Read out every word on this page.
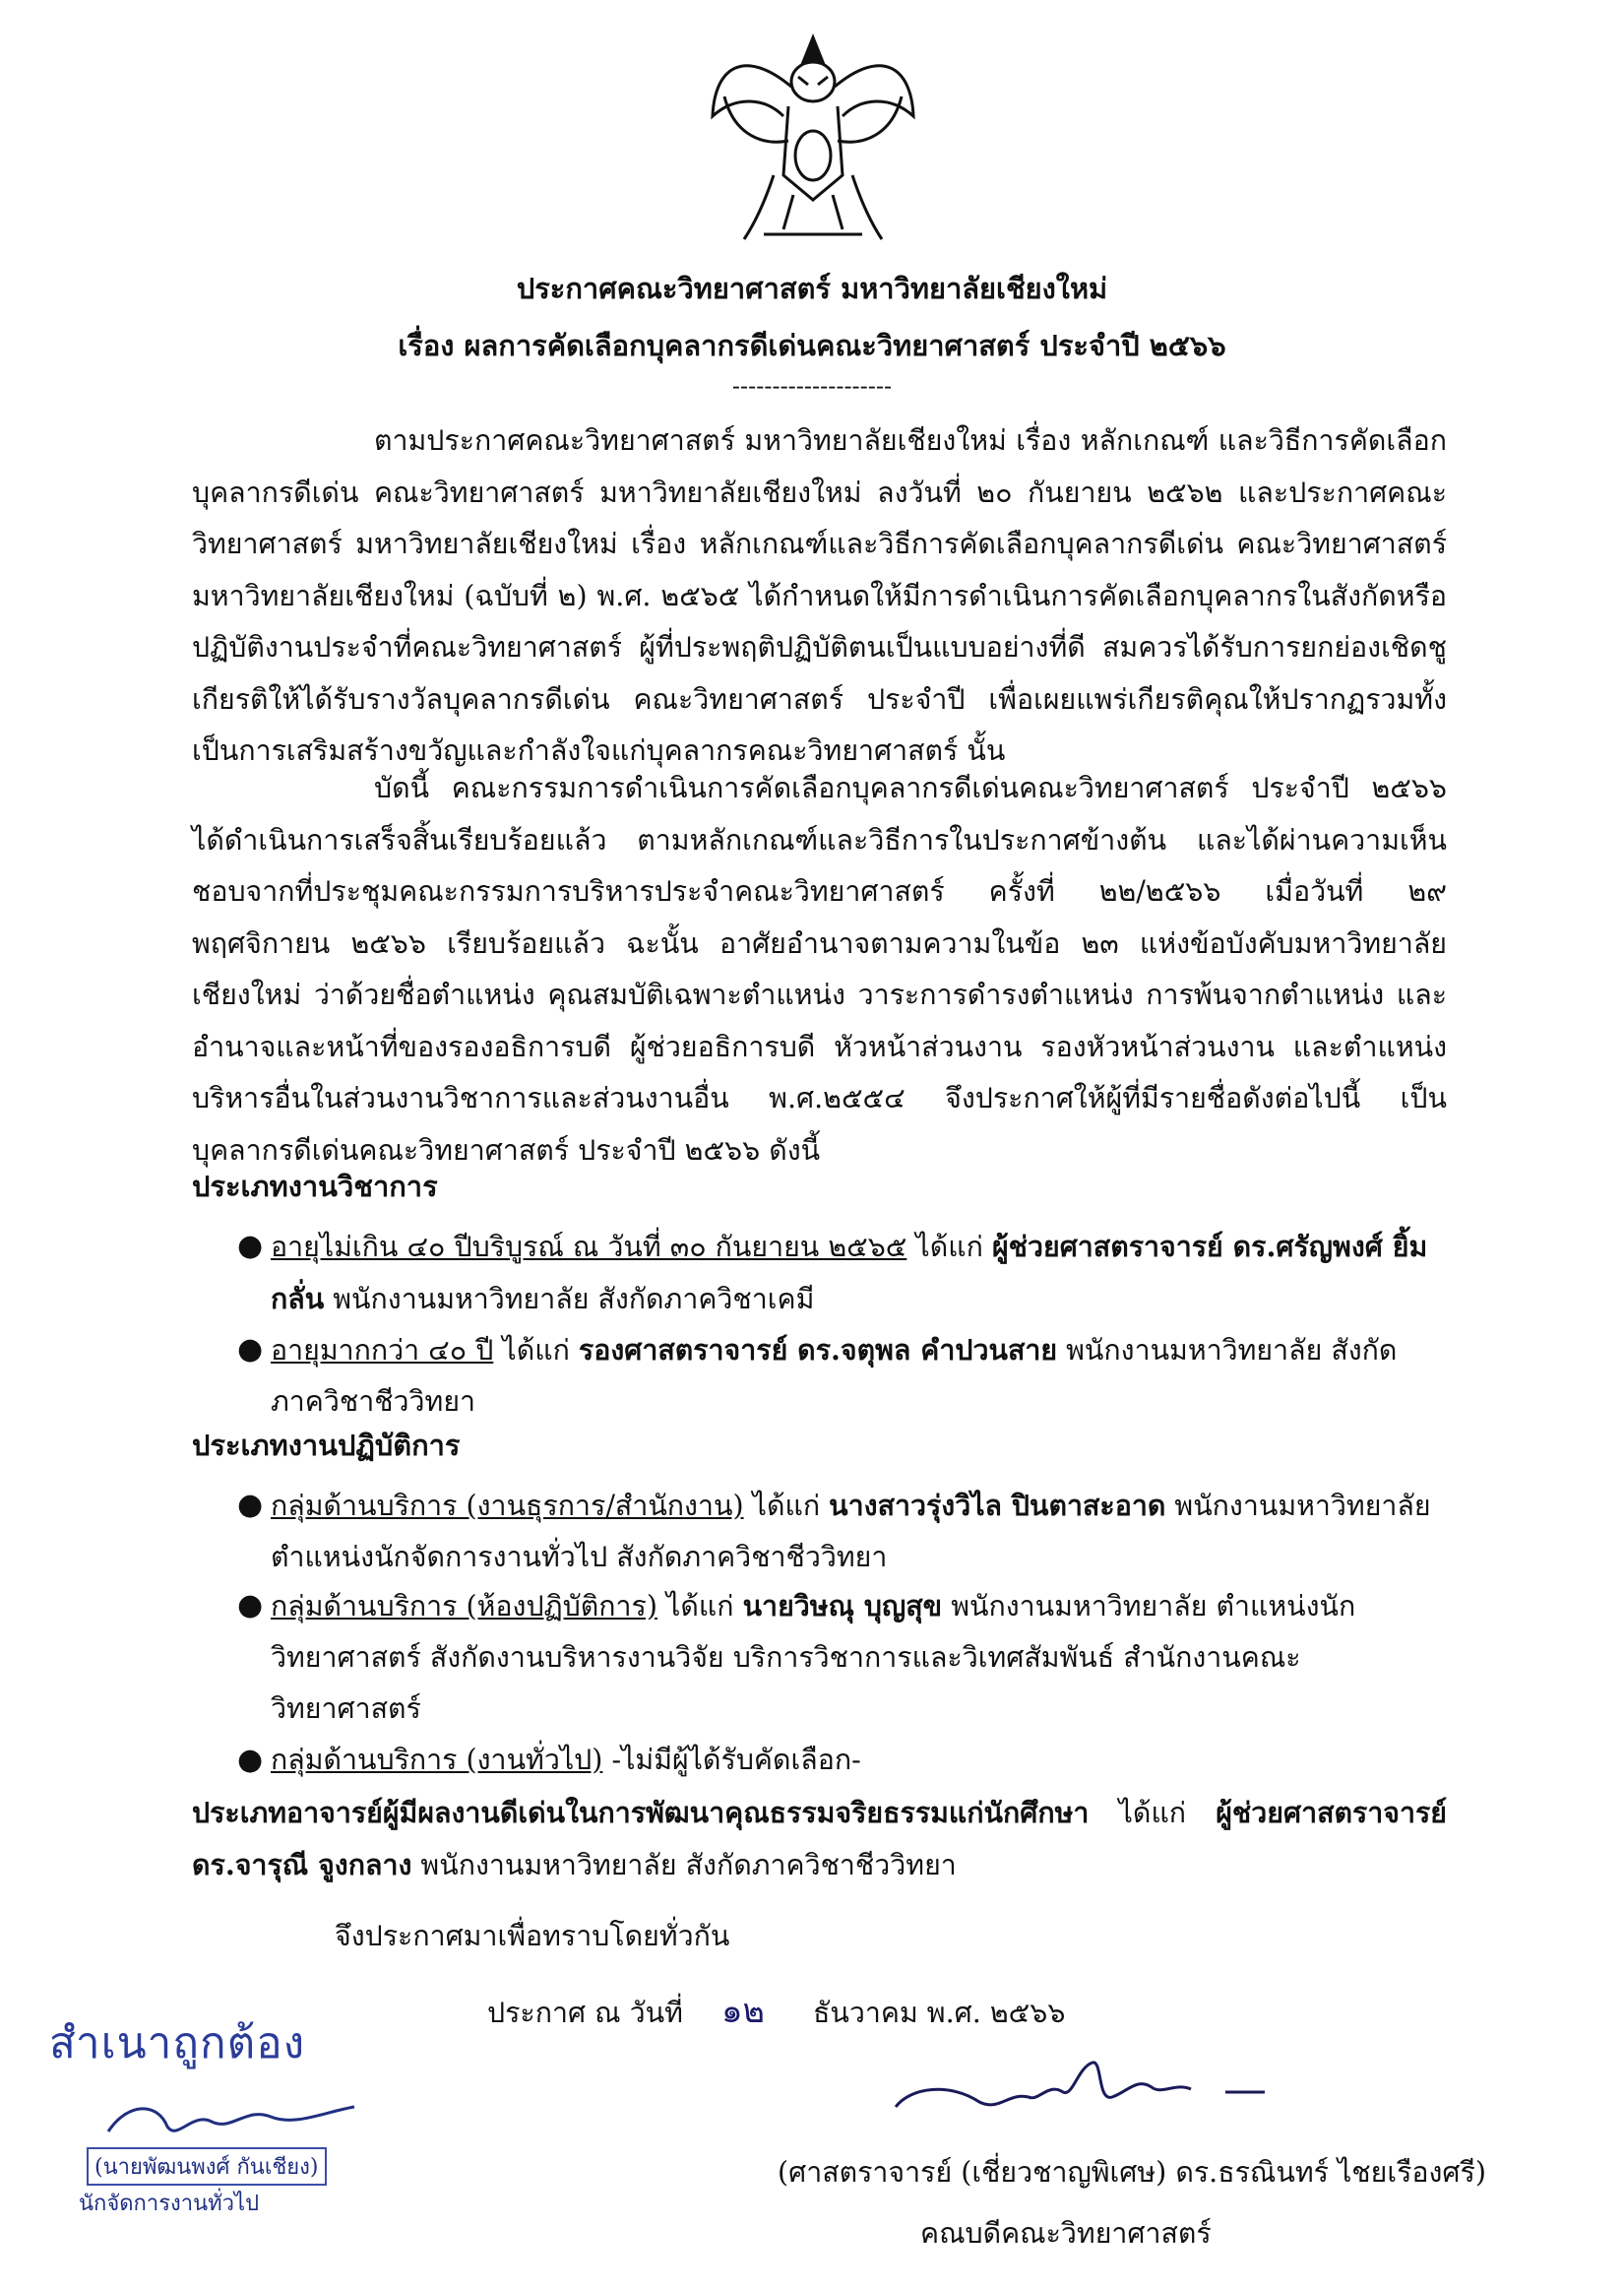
ประกาศคณะวิทยาศาสตร์ มหาวิทยาลัยเชียงใหม่
เรื่อง ผลการคัดเลือกบุคลากรดีเด่นคณะวิทยาศาสตร์ ประจำปี ๒๕๖๖
--------------------
ตามประกาศคณะวิทยาศาสตร์ มหาวิทยาลัยเชียงใหม่ เรื่อง หลักเกณฑ์ และวิธีการคัดเลือกบุคลากรดีเด่น คณะวิทยาศาสตร์ มหาวิทยาลัยเชียงใหม่ ลงวันที่ ๒๐ กันยายน ๒๕๖๒ และประกาศคณะวิทยาศาสตร์ มหาวิทยาลัยเชียงใหม่ เรื่อง หลักเกณฑ์และวิธีการคัดเลือกบุคลากรดีเด่น คณะวิทยาศาสตร์ มหาวิทยาลัยเชียงใหม่ (ฉบับที่ ๒) พ.ศ. ๒๕๖๕ ได้กำหนดให้มีการดำเนินการคัดเลือกบุคลากรในสังกัดหรือปฏิบัติงานประจำที่คณะวิทยาศาสตร์ ผู้ที่ประพฤติปฏิบัติตนเป็นแบบอย่างที่ดี สมควรได้รับการยกย่องเชิดชูเกียรติให้ได้รับรางวัลบุคลากรดีเด่น คณะวิทยาศาสตร์ ประจำปี เพื่อเผยแพร่เกียรติคุณให้ปรากฏรวมทั้งเป็นการเสริมสร้างขวัญและกำลังใจแก่บุคลากรคณะวิทยาศาสตร์ นั้น
บัดนี้ คณะกรรมการดำเนินการคัดเลือกบุคลากรดีเด่นคณะวิทยาศาสตร์ ประจำปี ๒๕๖๖ ได้ดำเนินการเสร็จสิ้นเรียบร้อยแล้ว ตามหลักเกณฑ์และวิธีการในประกาศข้างต้น และได้ผ่านความเห็นชอบจากที่ประชุมคณะกรรมการบริหารประจำคณะวิทยาศาสตร์ ครั้งที่ ๒๒/๒๕๖๖ เมื่อวันที่ ๒๙ พฤศจิกายน ๒๕๖๖ เรียบร้อยแล้ว ฉะนั้น อาศัยอำนาจตามความในข้อ ๒๓ แห่งข้อบังคับมหาวิทยาลัยเชียงใหม่ ว่าด้วยชื่อตำแหน่ง คุณสมบัติเฉพาะตำแหน่ง วาระการดำรงตำแหน่ง การพ้นจากตำแหน่ง และอำนาจและหน้าที่ของรองอธิการบดี ผู้ช่วยอธิการบดี หัวหน้าส่วนงาน รองหัวหน้าส่วนงาน และตำแหน่งบริหารอื่นในส่วนงานวิชาการและส่วนงานอื่น พ.ศ.๒๕๕๔ จึงประกาศให้ผู้ที่มีรายชื่อดังต่อไปนี้ เป็นบุคลากรดีเด่นคณะวิทยาศาสตร์ ประจำปี ๒๕๖๖ ดังนี้
ประเภทงานวิชาการ
● อายุไม่เกิน ๔๐ ปีบริบูรณ์ ณ วันที่ ๓๐ กันยายน ๒๕๖๕ ได้แก่ ผู้ช่วยศาสตราจารย์ ดร.ศรัญพงศ์ ยิ้มกลั่น พนักงานมหาวิทยาลัย สังกัดภาควิชาเคมี
● อายุมากกว่า ๔๐ ปี ได้แก่ รองศาสตราจารย์ ดร.จตุพล คำปวนสาย พนักงานมหาวิทยาลัย สังกัดภาควิชาชีววิทยา
ประเภทงานปฏิบัติการ
● กลุ่มด้านบริการ (งานธุรการ/สำนักงาน) ได้แก่ นางสาวรุ่งวิไล ปินตาสะอาด พนักงานมหาวิทยาลัย ตำแหน่งนักจัดการงานทั่วไป สังกัดภาควิชาชีววิทยา
● กลุ่มด้านบริการ (ห้องปฏิบัติการ) ได้แก่ นายวิษณุ บุญสุข พนักงานมหาวิทยาลัย ตำแหน่งนักวิทยาศาสตร์ สังกัดงานบริหารงานวิจัย บริการวิชาการและวิเทศสัมพันธ์ สำนักงานคณะวิทยาศาสตร์
● กลุ่มด้านบริการ (งานทั่วไป) -ไม่มีผู้ได้รับคัดเลือก-
ประเภทอาจารย์ผู้มีผลงานดีเด่นในการพัฒนาคุณธรรมจริยธรรมแก่นักศึกษา ได้แก่ ผู้ช่วยศาสตราจารย์ ดร.จารุณี จูงกลาง พนักงานมหาวิทยาลัย สังกัดภาควิชาชีววิทยา
จึงประกาศมาเพื่อทราบโดยทั่วกัน
ประกาศ ณ วันที่ ๑๒ ธันวาคม พ.ศ. ๒๕๖๖
(ศาสตราจารย์ (เชี่ยวชาญพิเศษ) ดร.ธรณินทร์ ไชยเรืองศรี)
คณบดีคณะวิทยาศาสตร์
สำเนาถูกต้อง
(นายพัฒนพงศ์ กันเชียง)
นักจัดการงานทั่วไป
